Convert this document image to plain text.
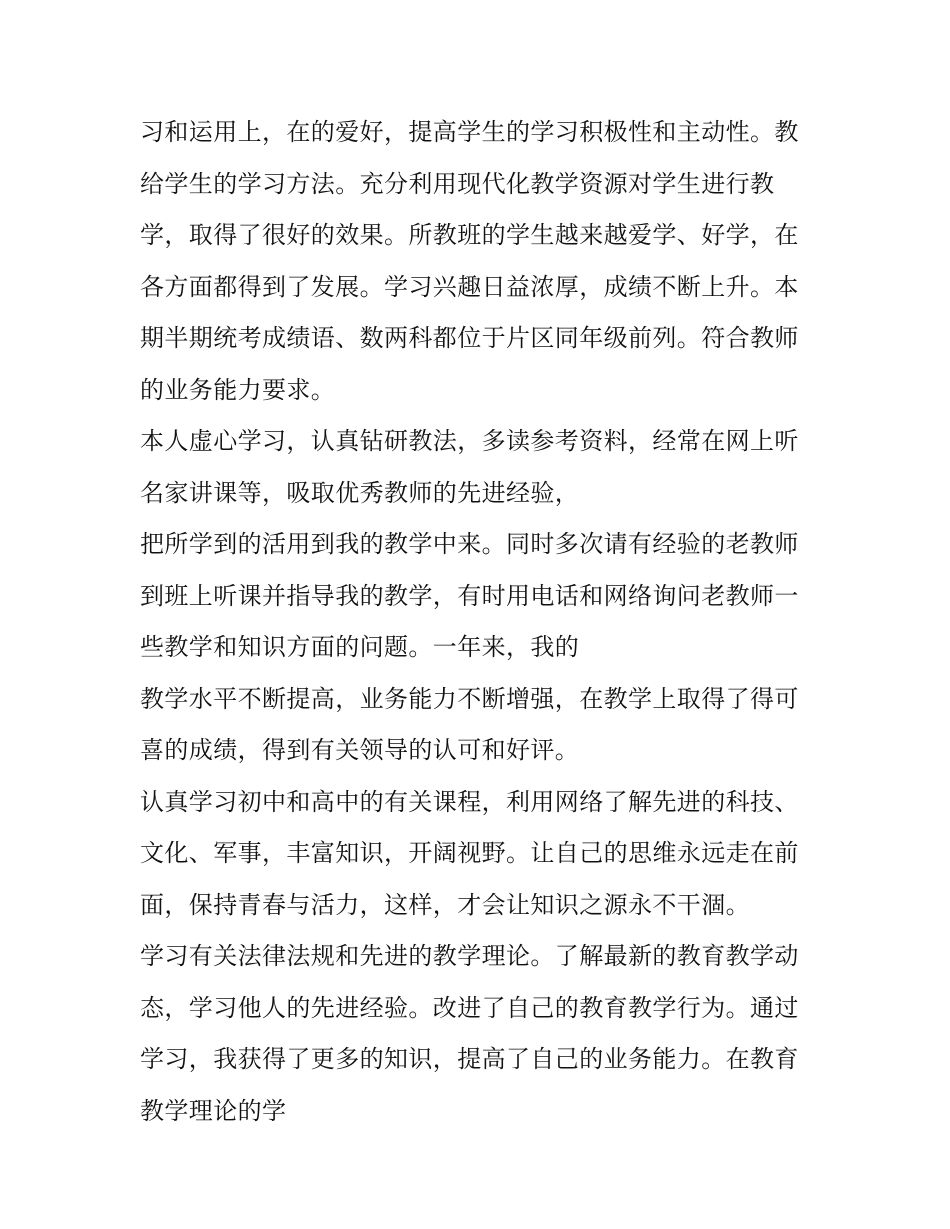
习和运用上，在的爱好，提高学生的学习积极性和主动性。教
给学生的学习方法。充分利用现代化教学资源对学生进行教
学，取得了很好的效果。所教班的学生越来越爱学、好学，在
各方面都得到了发展。学习兴趣日益浓厚，成绩不断上升。本
期半期统考成绩语、数两科都位于片区同年级前列。符合教师
的业务能力要求。
本人虚心学习，认真钻研教法，多读参考资料，经常在网上听
名家讲课等，吸取优秀教师的先进经验，
把所学到的活用到我的教学中来。同时多次请有经验的老教师
到班上听课并指导我的教学，有时用电话和网络询问老教师一
些教学和知识方面的问题。一年来，我的
教学水平不断提高，业务能力不断增强，在教学上取得了得可
喜的成绩，得到有关领导的认可和好评。
认真学习初中和高中的有关课程，利用网络了解先进的科技、
文化、军事，丰富知识，开阔视野。让自己的思维永远走在前
面，保持青春与活力，这样，才会让知识之源永不干涸。
学习有关法律法规和先进的教学理论。了解最新的教育教学动
态，学习他人的先进经验。改进了自己的教育教学行为。通过
学习，我获得了更多的知识，提高了自己的业务能力。在教育
教学理论的学
